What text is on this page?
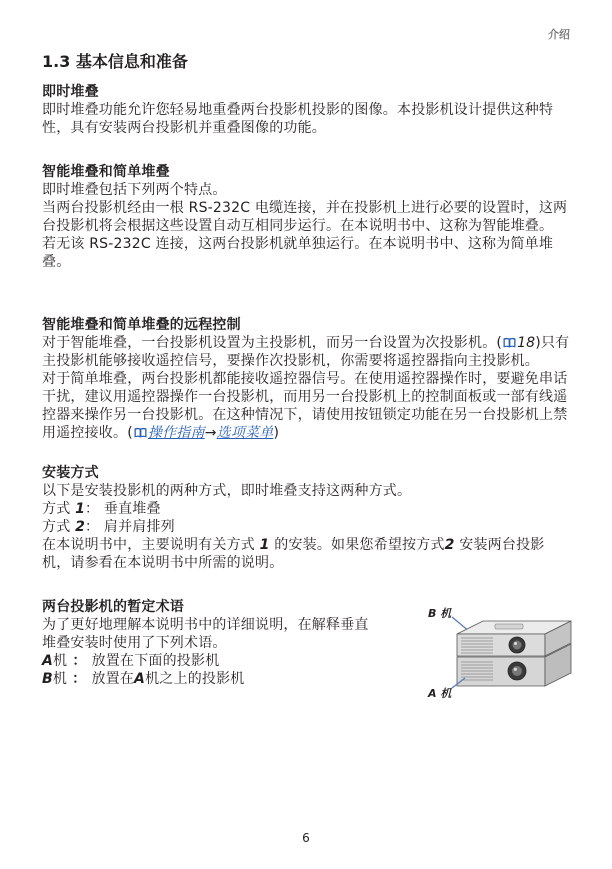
介绍
1.3 基本信息和准备

即时堆叠

即时堆叠功能允许您轻易地重叠两台投影机投影的图像。本投影机设计提供这种特性，具有安装两台投影机并重叠图像的功能。

智能堆叠和简单堆叠

即时堆叠包括下列两个特点。

当两台投影机经由一根 RS-232C 电缆连接，并在投影机上进行必要的设置时，这两台投影机将会根据这些设置自动互相同步运行。在本说明书中、这称为智能堆叠。

若无该 RS-232C 连接，这两台投影机就单独运行。在本说明书中、这称为简单堆叠。

智能堆叠和简单堆叠的远程控制

对于智能堆叠，一台投影机设置为主投影机，而另一台设置为次投影机。( 18)只有主投影机能够接收遥控信号，要操作次投影机，你需要将遥控器指向主投影机。

对于简单堆叠，两台投影机都能接收遥控器信号。在使用遥控器操作时，要避免串话干扰，建议用遥控器操作一台投影机，而用另一台投影机上的控制面板或一部有线遥控器来操作另一台投影机。在这种情况下，请使用按钮锁定功能在另一台投影机上禁用遥控接收。( 操作指南→选项菜单)

安装方式

以下是安装投影机的两种方式，即时堆叠支持这两种方式。

方式 1： 垂直堆叠

方式 2： 肩并肩排列

在本说明书中，主要说明有关方式 1 的安装。如果您希望按方式2 安装两台投影机，请参看在本说明书中所需的说明。

两台投影机的暂定术语

为了更好地理解本说明书中的详细说明，在解释垂直堆叠安装时使用了下列术语。

A机 ： 放置在下面的投影机

B机 ： 放置在A机之上的投影机

B 机
A 机
6
